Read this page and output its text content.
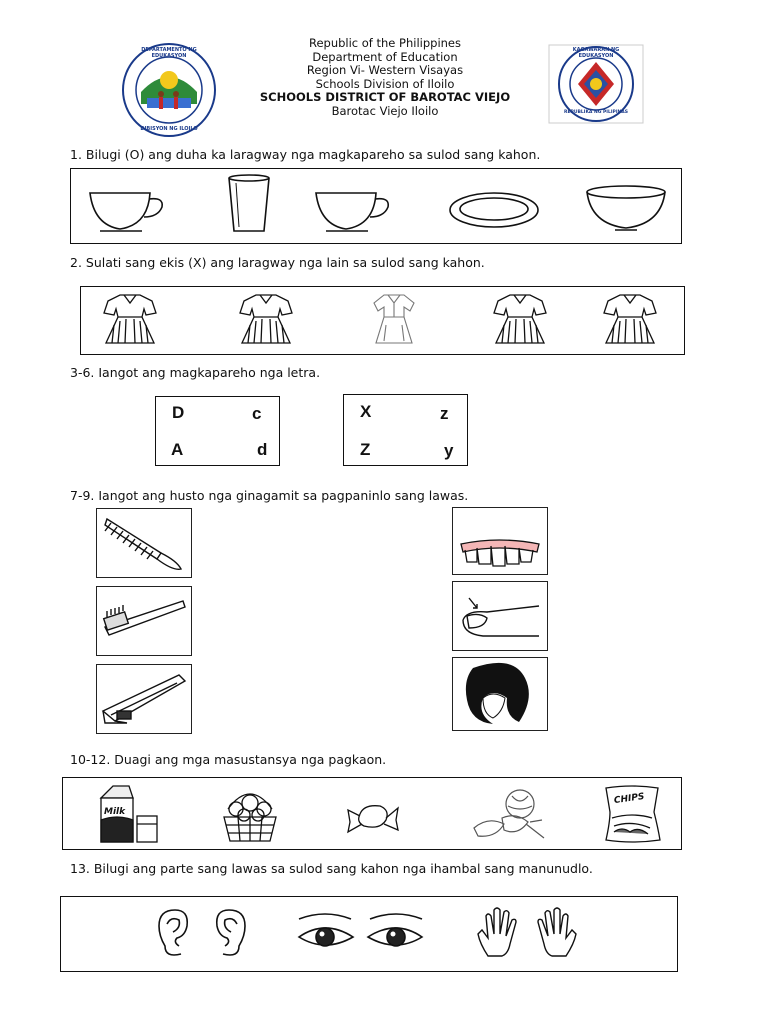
DEPARTAMENTO NG EDUKASYON
DIBISYON NG ILOILO
Republic of the Philippines
Department of Education
Region Vi- Western Visayas
Schools Division of Iloilo
SCHOOLS DISTRICT OF BAROTAC VIEJO
Barotac Viejo Iloilo
KAGAWARAN NG EDUKASYON
REPUBLIKA NG PILIPINAS
1. Bilugi (O) ang duha ka laragway nga magkapareho sa sulod sang kahon.
2. Sulati sang ekis (X) ang laragway nga lain sa sulod sang kahon.
3-6. Iangot ang magkapareho nga letra.
D	c
A	d
X	z
Z	y
7-9. Iangot ang husto nga ginagamit sa pagpaninlo sang lawas.
10-12. Duagi ang mga masustansya nga pagkaon.
Milk
CHIPS
13. Bilugi ang parte sang lawas sa sulod sang kahon nga ihambal sang manunudlo.
